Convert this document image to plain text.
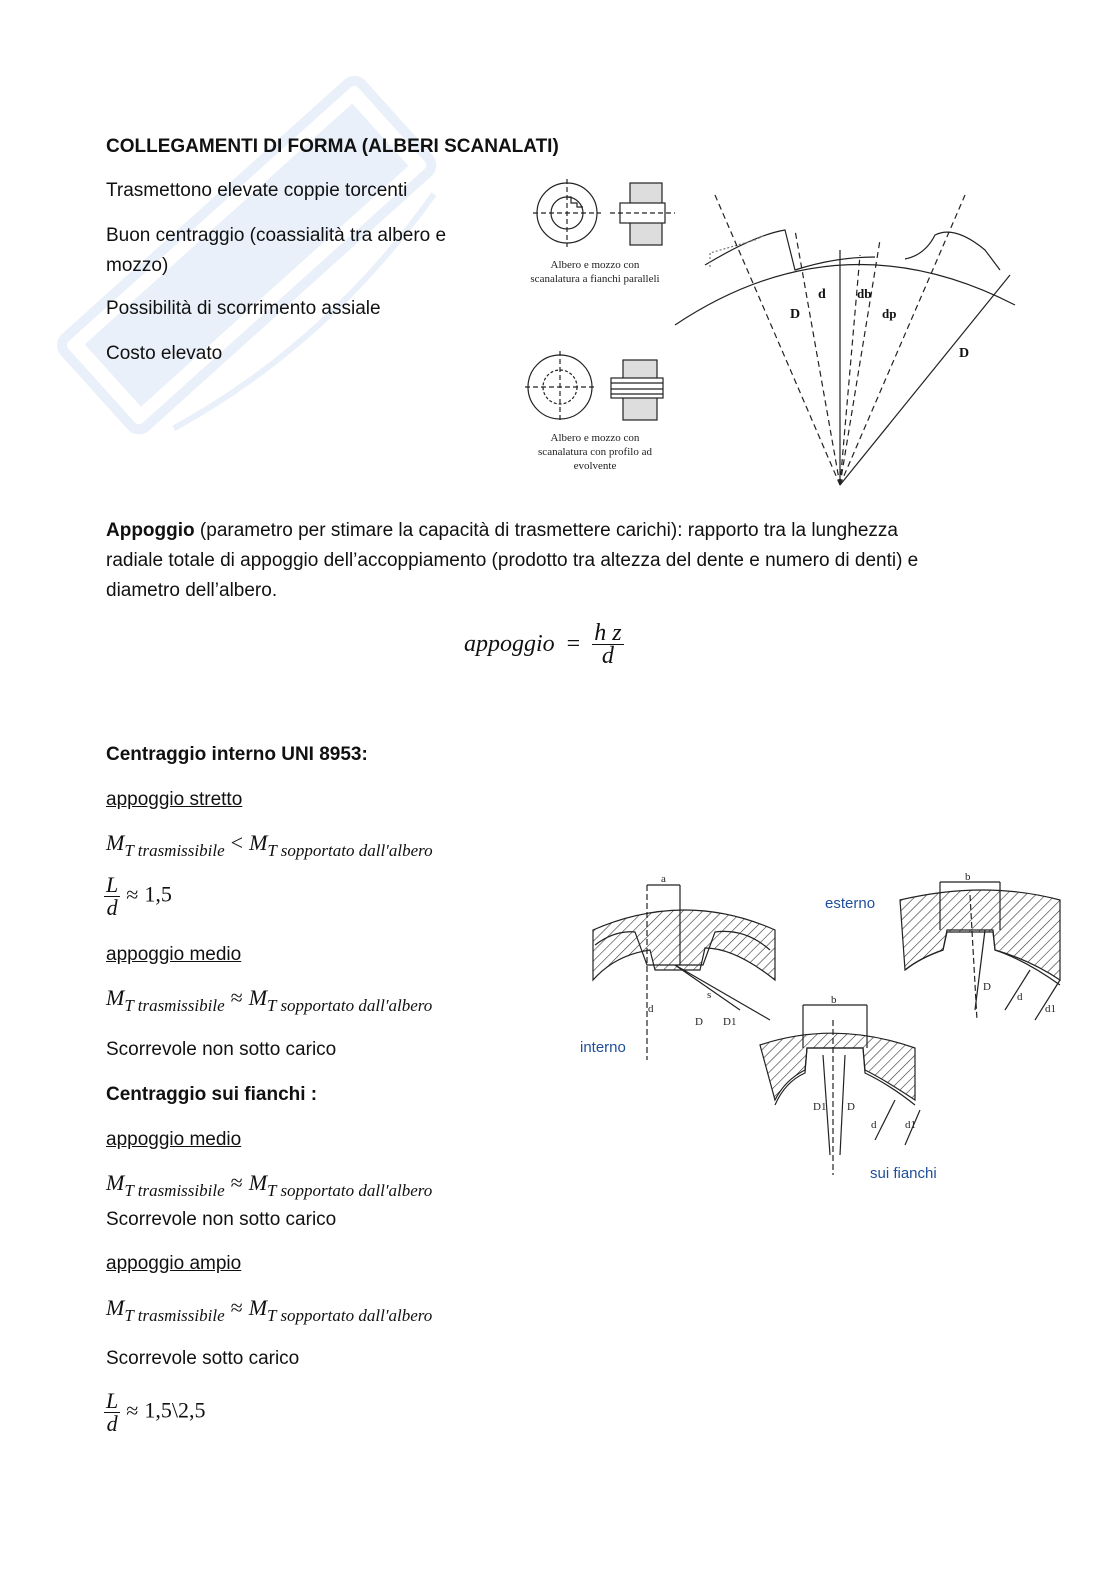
COLLEGAMENTI DI FORMA (ALBERI SCANALATI)
Trasmettono elevate coppie torcenti
Buon centraggio (coassialità tra albero e
mozzo)
Possibilità di scorrimento assiale
Costo elevato
Albero e mozzo con
scanalatura a fianchi paralleli
Albero e mozzo con
scanalatura con profilo ad
evolvente
D
d db
dp
D
Appoggio (parametro per stimare la capacità di trasmettere carichi): rapporto tra la lunghezza
radiale totale di appoggio dell’accoppiamento (prodotto tra altezza del dente e numero di denti) e
diametro dell’albero.
appoggio = $\frac{\text{h z}}{d}$
Centraggio interno UNI 8953:
appoggio stretto
$M_{T trasmissibile} < M_{T sopportato dall'albero}$
$\frac{L}{d} \approx 1,5$
appoggio medio
$M_{T trasmissibile} \approx M_{T sopportato dall'albero}$
Scorrevole non sotto carico
Centraggio sui fianchi :
appoggio medio
$M_{T trasmissibile} \approx M_{T sopportato dall'albero}$
Scorrevole non sotto carico
appoggio ampio
$M_{T trasmissibile} \approx M_{T sopportato dall'albero}$
Scorrevole sotto carico
$\frac{L}{d}$ ≈ 1,5\2,5
a
s
d
D D1
interno
b
D
d
d1
esterno
b
D1 D
d	d1
sui fianchi
